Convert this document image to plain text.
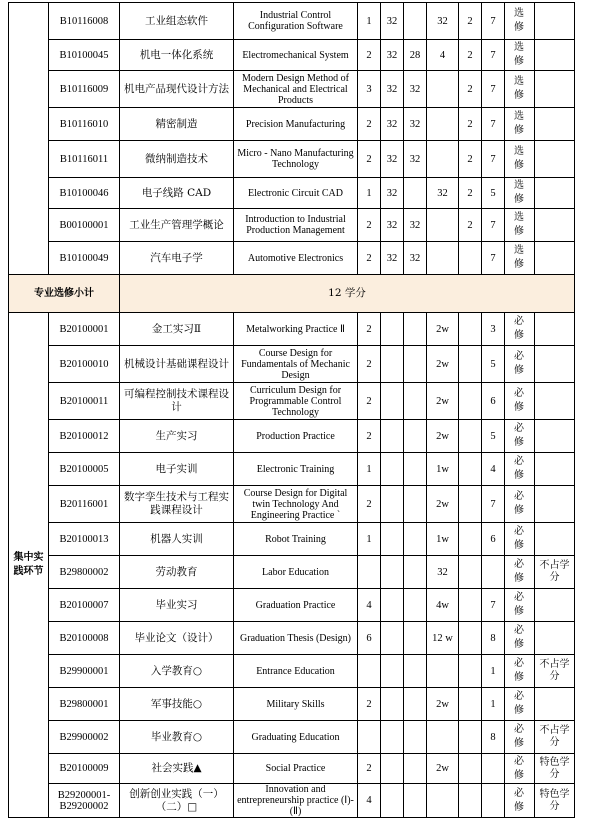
	B10116008	工业组态软件	Industrial Control Configuration Software	1	32		32	2	7	选修	
	B10100045	机电一体化系统	Electromechanical System	2	32	28	4	2	7	选修	
	B10116009	机电产品现代设计方法	Modern Design Method of Mechanical and Electrical Products	3	32	32		2	7	选修	
	B10116010	精密制造	Precision Manufacturing	2	32	32		2	7	选修	
	B10116011	微纳制造技术	Micro - Nano Manufacturing Technology	2	32	32		2	7	选修	
	B10100046	电子线路 CAD	Electronic Circuit CAD	1	32		32	2	5	选修	
	B00100001	工业生产管理学概论	Introduction to Industrial Production Management	2	32	32		2	7	选修	
	B10100049	汽车电子学	Automotive Electronics	2	32	32			7	选修	
专业选修小计		12 学分									
集中实践环节	B20100001	金工实习Ⅱ	Metalworking Practice Ⅱ	2			2w		3	必修	
	B20100010	机械设计基础课程设计	Course Design for Fundamentals of Mechanic Design	2			2w		5	必修	
	B20100011	可编程控制技术课程设计	Curriculum Design for Programmable Control Technology	2			2w		6	必修	
	B20100012	生产实习	Production Practice	2			2w		5	必修	
	B20100005	电子实训	Electronic Training	1			1w		4	必修	
	B20116001	数字孪生技术与工程实践课程设计	Course Design for Digital twin Technology And Engineering Practice `	2			2w		7	必修	
	B20100013	机器人实训	Robot Training	1			1w		6	必修	
	B29800002	劳动教育	Labor Education				32			必修	不占学分
	B20100007	毕业实习	Graduation Practice	4			4w		7	必修	
	B20100008	毕业论文（设计）	Graduation Thesis (Design)	6			12 w		8	必修	
	B29900001	入学教育○	Entrance Education						1	必修	不占学分
	B29800001	军事技能○	Military Skills	2			2w		1	必修	
	B29900002	毕业教育○	Graduating Education						8	必修	不占学分
	B20100009	社会实践▲	Social Practice	2			2w			必修	特色学分
	B29200001-B29200002	创新创业实践（一）（二）□	Innovation and entrepreneurship practice (Ⅰ)-(Ⅱ)	4						必修	特色学分
